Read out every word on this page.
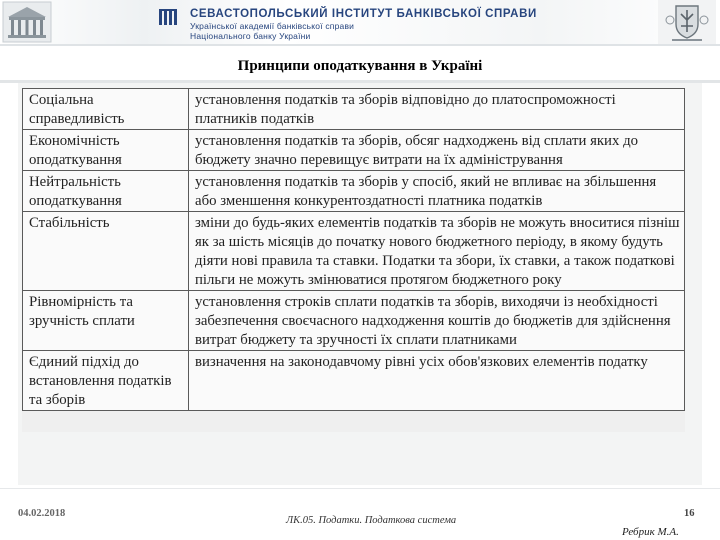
СЕВАСТОПОЛЬСЬКИЙ ІНСТИТУТ БАНКІВСЬКОЇ СПРАВИ
Української академії банківської справи
Національного банку України
Принципи оподаткування в Україні
Соціальна справедливість	установлення податків та зборів відповідно до платоспроможності платників податків
Економічність оподаткування	установлення податків та зборів, обсяг надходжень від сплати яких до бюджету значно перевищує витрати на їх адміністрування
Нейтральність оподаткування	установлення податків та зборів у спосіб, який не впливає на збільшення або зменшення конкурентоздатності платника податків
Стабільність	зміни до будь-яких елементів податків та зборів не можуть вноситися пізніш як за шість місяців до початку нового бюджетного періоду, в якому будуть діяти нові правила та ставки. Податки та збори, їх ставки, а також податкові пільги не можуть змінюватися протягом бюджетного року
Рівномірність та зручність сплати	установлення строків сплати податків та зборів, виходячи із необхідності забезпечення своєчасного надходження коштів до бюджетів для здійснення витрат бюджету та зручності їх сплати платниками
Єдиний підхід до встановлення податків та зборів	визначення на законодавчому рівні усіх обов'язкових елементів податку

04.02.2018
ЛК.05. Податки. Податкова система
16
Ребрик М.А.
